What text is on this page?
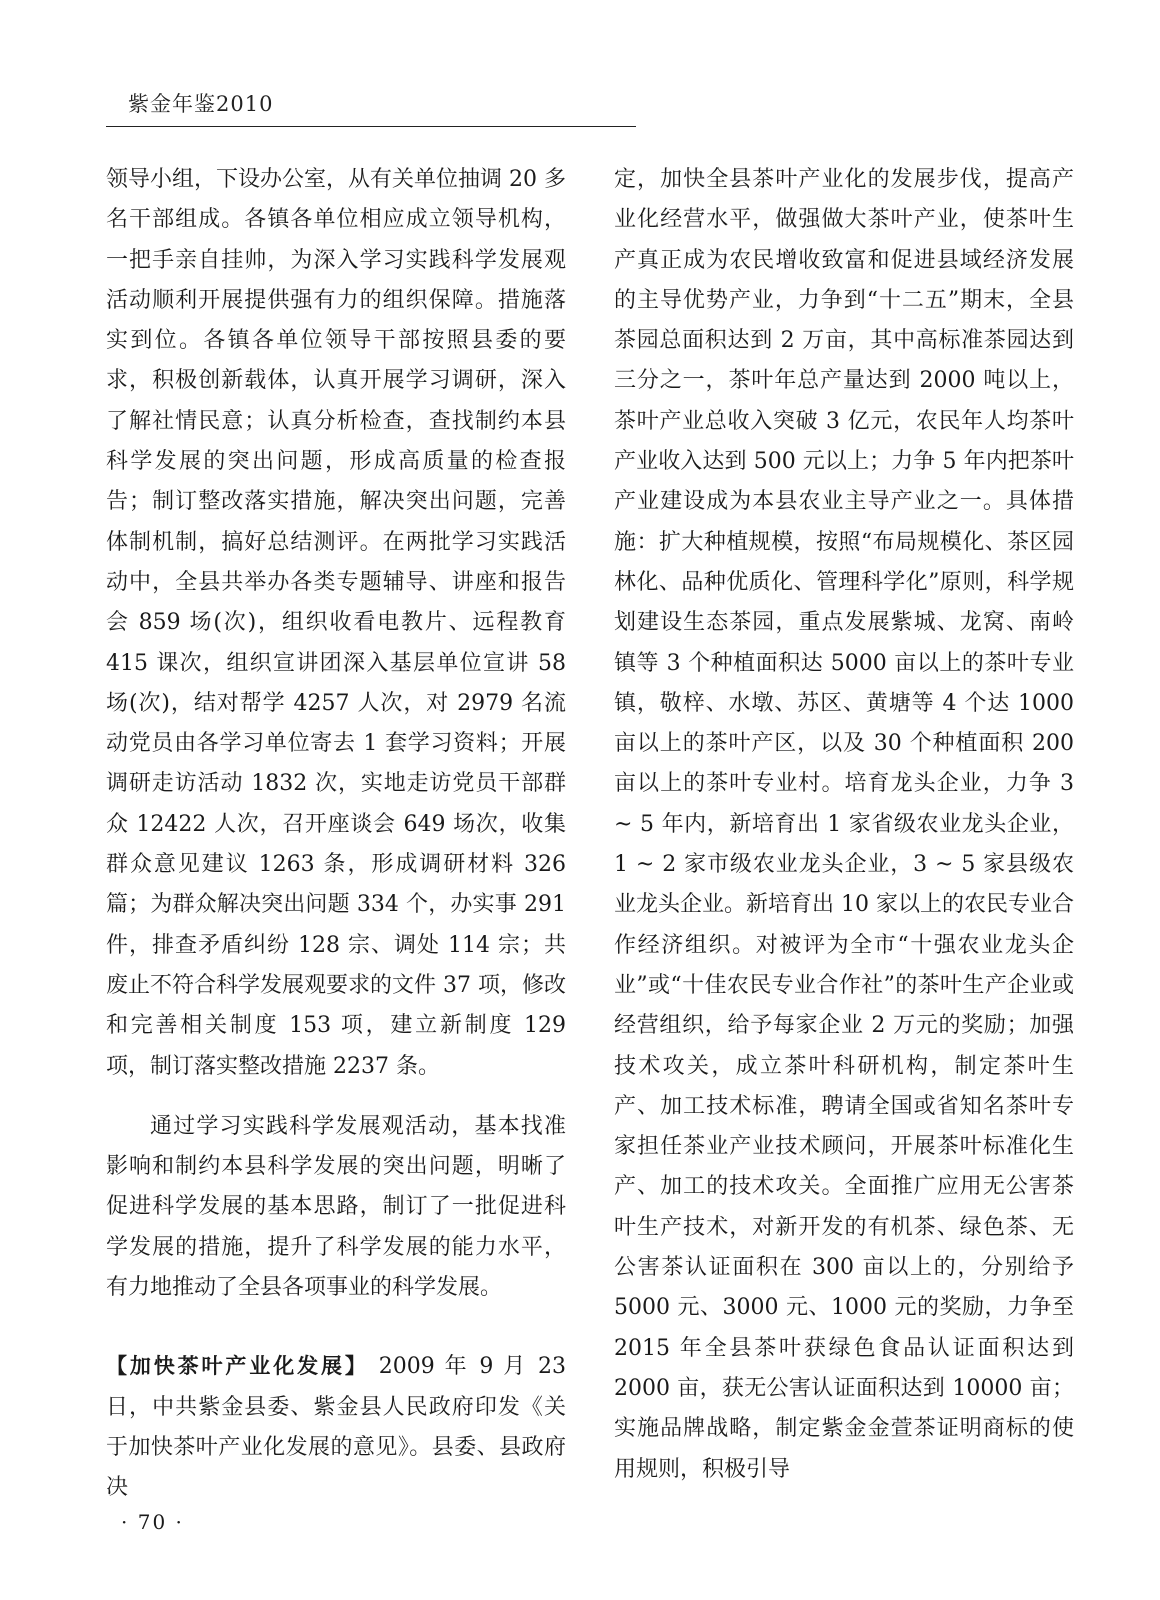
紫金年鉴2010

领导小组，下设办公室，从有关单位抽调 20 多名干部组成。各镇各单位相应成立领导机构，一把手亲自挂帅，为深入学习实践科学发展观活动顺利开展提供强有力的组织保障。措施落实到位。各镇各单位领导干部按照县委的要求，积极创新载体，认真开展学习调研，深入了解社情民意；认真分析检查，查找制约本县科学发展的突出问题，形成高质量的检查报告；制订整改落实措施，解决突出问题，完善体制机制，搞好总结测评。在两批学习实践活动中，全县共举办各类专题辅导、讲座和报告会 859 场(次)，组织收看电教片、远程教育 415 课次，组织宣讲团深入基层单位宣讲 58 场(次)，结对帮学 4257 人次，对 2979 名流动党员由各学习单位寄去 1 套学习资料；开展调研走访活动 1832 次，实地走访党员干部群众 12422 人次，召开座谈会 649 场次，收集群众意见建议 1263 条，形成调研材料 326 篇；为群众解决突出问题 334 个，办实事 291 件，排查矛盾纠纷 128 宗、调处 114 宗；共废止不符合科学发展观要求的文件 37 项，修改和完善相关制度 153 项，建立新制度 129 项，制订落实整改措施 2237 条。

通过学习实践科学发展观活动，基本找准影响和制约本县科学发展的突出问题，明晰了促进科学发展的基本思路，制订了一批促进科学发展的措施，提升了科学发展的能力水平，有力地推动了全县各项事业的科学发展。

【加快茶叶产业化发展】 2009 年 9 月 23 日，中共紫金县委、紫金县人民政府印发《关于加快茶叶产业化发展的意见》。县委、县政府决

定，加快全县茶叶产业化的发展步伐，提高产业化经营水平，做强做大茶叶产业，使茶叶生产真正成为农民增收致富和促进县域经济发展的主导优势产业，力争到“十二五”期末，全县茶园总面积达到 2 万亩，其中高标准茶园达到三分之一，茶叶年总产量达到 2000 吨以上，茶叶产业总收入突破 3 亿元，农民年人均茶叶产业收入达到 500 元以上；力争 5 年内把茶叶产业建设成为本县农业主导产业之一。具体措施：扩大种植规模，按照“布局规模化、茶区园林化、品种优质化、管理科学化”原则，科学规划建设生态茶园，重点发展紫城、龙窝、南岭镇等 3 个种植面积达 5000 亩以上的茶叶专业镇，敬梓、水墩、苏区、黄塘等 4 个达 1000 亩以上的茶叶产区，以及 30 个种植面积 200 亩以上的茶叶专业村。培育龙头企业，力争 3 ~ 5 年内，新培育出 1 家省级农业龙头企业，1 ~ 2 家市级农业龙头企业，3 ~ 5 家县级农业龙头企业。新培育出 10 家以上的农民专业合作经济组织。对被评为全市“十强农业龙头企业”或“十佳农民专业合作社”的茶叶生产企业或经营组织，给予每家企业 2 万元的奖励；加强技术攻关，成立茶叶科研机构，制定茶叶生产、加工技术标准，聘请全国或省知名茶叶专家担任茶业产业技术顾问，开展茶叶标准化生产、加工的技术攻关。全面推广应用无公害茶叶生产技术，对新开发的有机茶、绿色茶、无公害茶认证面积在 300 亩以上的，分别给予 5000 元、3000 元、1000 元的奖励，力争至 2015 年全县茶叶获绿色食品认证面积达到 2000 亩，获无公害认证面积达到 10000 亩；实施品牌战略，制定紫金金萱茶证明商标的使用规则，积极引导

· 70 ·
